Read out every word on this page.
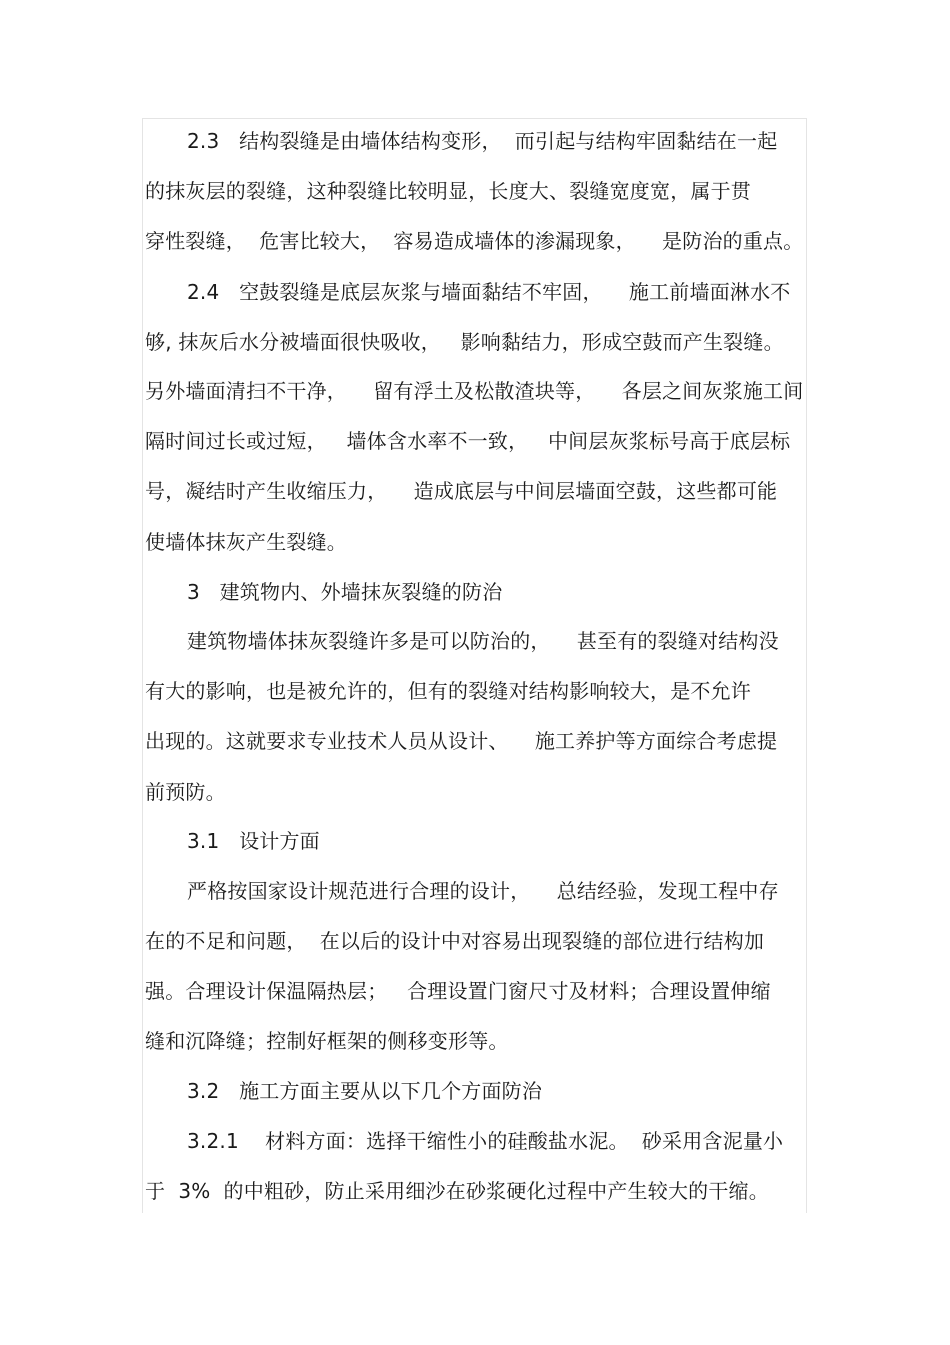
2.3   结构裂缝是由墙体结构变形，  而引起与结构牢固黏结在一起
的抹灰层的裂缝，这种裂缝比较明显，长度大、裂缝宽度宽，属于贯
穿性裂缝，  危害比较大，  容易造成墙体的渗漏现象，    是防治的重点。
2.4   空鼓裂缝是底层灰浆与墙面黏结不牢固，    施工前墙面淋水不
够, 抹灰后水分被墙面很快吸收，   影响黏结力，形成空鼓而产生裂缝。
另外墙面清扫不干净，    留有浮土及松散渣块等，    各层之间灰浆施工间
隔时间过长或过短，   墙体含水率不一致，   中间层灰浆标号高于底层标
号，凝结时产生收缩压力，    造成底层与中间层墙面空鼓，这些都可能
使墙体抹灰产生裂缝。
3   建筑物内、外墙抹灰裂缝的防治
建筑物墙体抹灰裂缝许多是可以防治的，    甚至有的裂缝对结构没
有大的影响，也是被允许的，但有的裂缝对结构影响较大，是不允许
出现的。这就要求专业技术人员从设计、    施工养护等方面综合考虑提
前预防。
3.1   设计方面
严格按国家设计规范进行合理的设计，    总结经验，发现工程中存
在的不足和问题，  在以后的设计中对容易出现裂缝的部位进行结构加
强。合理设计保温隔热层；   合理设置门窗尺寸及材料；合理设置伸缩
缝和沉降缝；控制好框架的侧移变形等。
3.2   施工方面主要从以下几个方面防治
3.2.1    材料方面：选择干缩性小的硅酸盐水泥。  砂采用含泥量小
于  3%  的中粗砂，防止采用细沙在砂浆硬化过程中产生较大的干缩。
